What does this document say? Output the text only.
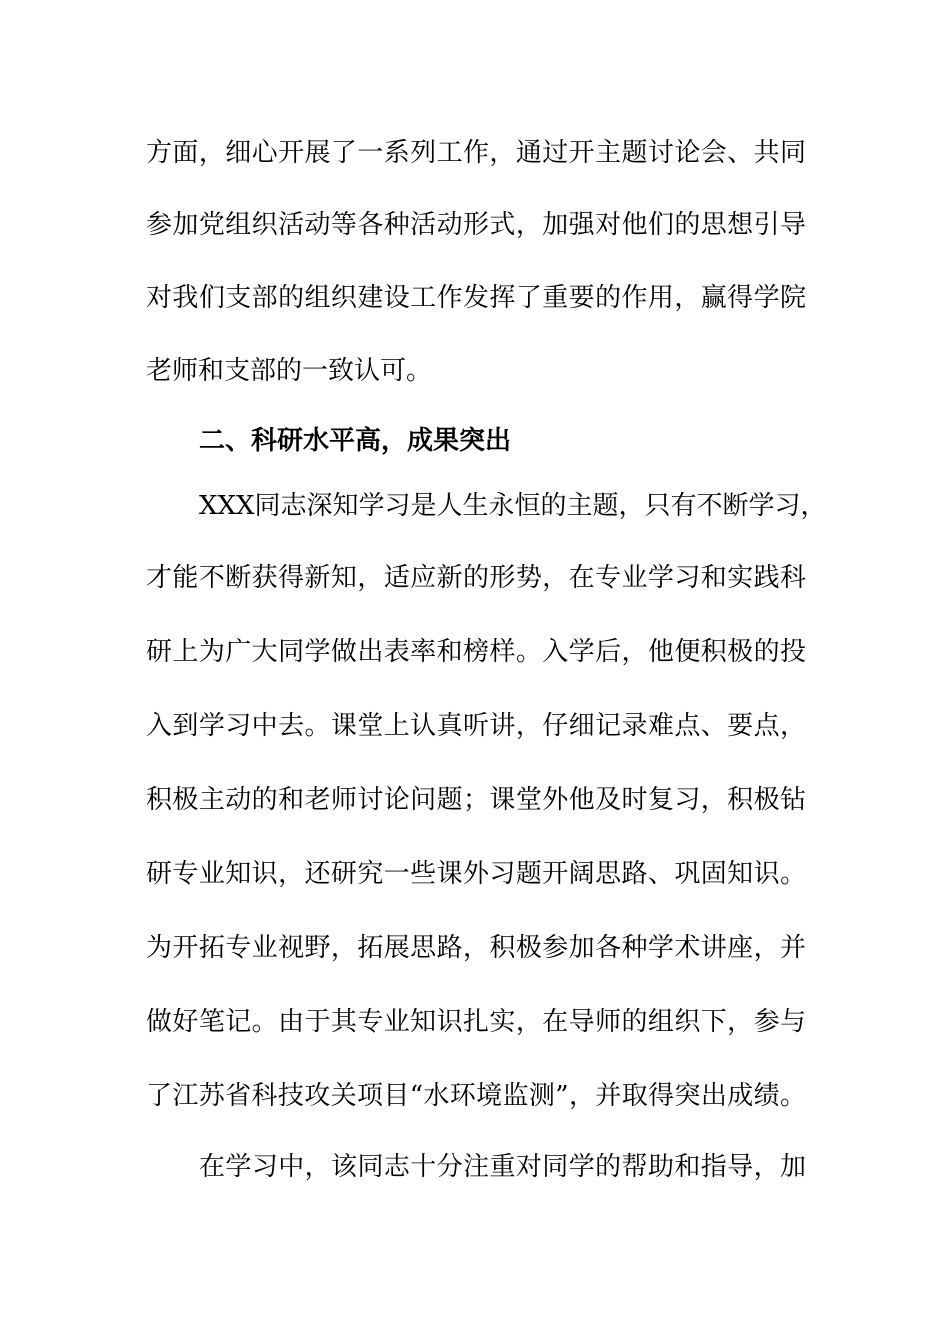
方面，细心开展了一系列工作，通过开主题讨论会、共同
参加党组织活动等各种活动形式，加强对他们的思想引导
对我们支部的组织建设工作发挥了重要的作用，赢得学院
老师和支部的一致认可。
二、科研水平高，成果突出
XXX同志深知学习是人生永恒的主题，只有不断学习，
才能不断获得新知，适应新的形势，在专业学习和实践科
研上为广大同学做出表率和榜样。入学后，他便积极的投
入到学习中去。课堂上认真听讲，仔细记录难点、要点，
积极主动的和老师讨论问题；课堂外他及时复习，积极钻
研专业知识，还研究一些课外习题开阔思路、巩固知识。
为开拓专业视野，拓展思路，积极参加各种学术讲座，并
做好笔记。由于其专业知识扎实，在导师的组织下，参与
了江苏省科技攻关项目“水环境监测”，并取得突出成绩。
在学习中，该同志十分注重对同学的帮助和指导，加
